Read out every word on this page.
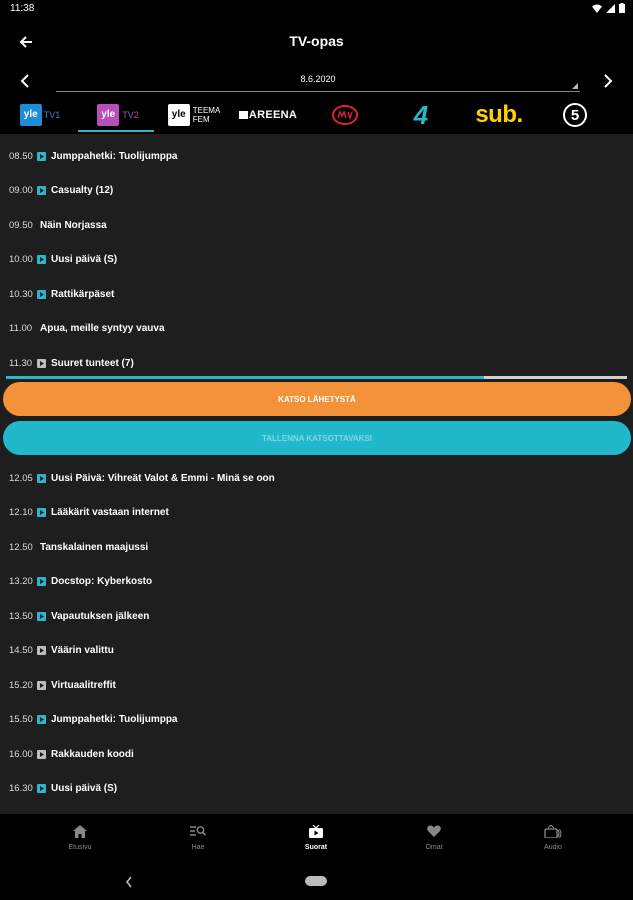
11:38
TV-opas
8.6.2020
yle TV1	yle TV2	yle TEEMA
FEM	AREENA	4 sub.	5
08.50	Jumppahetki: Tuolijumppa
09.00	Casualty (12)
09.50 Näin Norjassa
10.00	Uusi päivä (S)
10.30	Rattikärpäset
11.00 Apua, meille syntyy vauva
11.30	Suuret tunteet (7)
KATSO LÄHETYSTÄ
TALLENNA KATSOTTAVAKSI
12.05	Uusi Päivä: Vihreät Valot & Emmi - Minä se oon
12.10	Lääkärit vastaan internet
12.50 Tanskalainen maajussi
13.20	Docstop: Kyberkosto
13.50	Vapautuksen jälkeen
14.50	Väärin valittu
15.20	Virtuaalitreffit
15.50	Jumppahetki: Tuolijumppa
16.00	Rakkauden koodi
16.30	Uusi päivä (S)
Etusivu	Hae	Suorat	Omat	Audio
